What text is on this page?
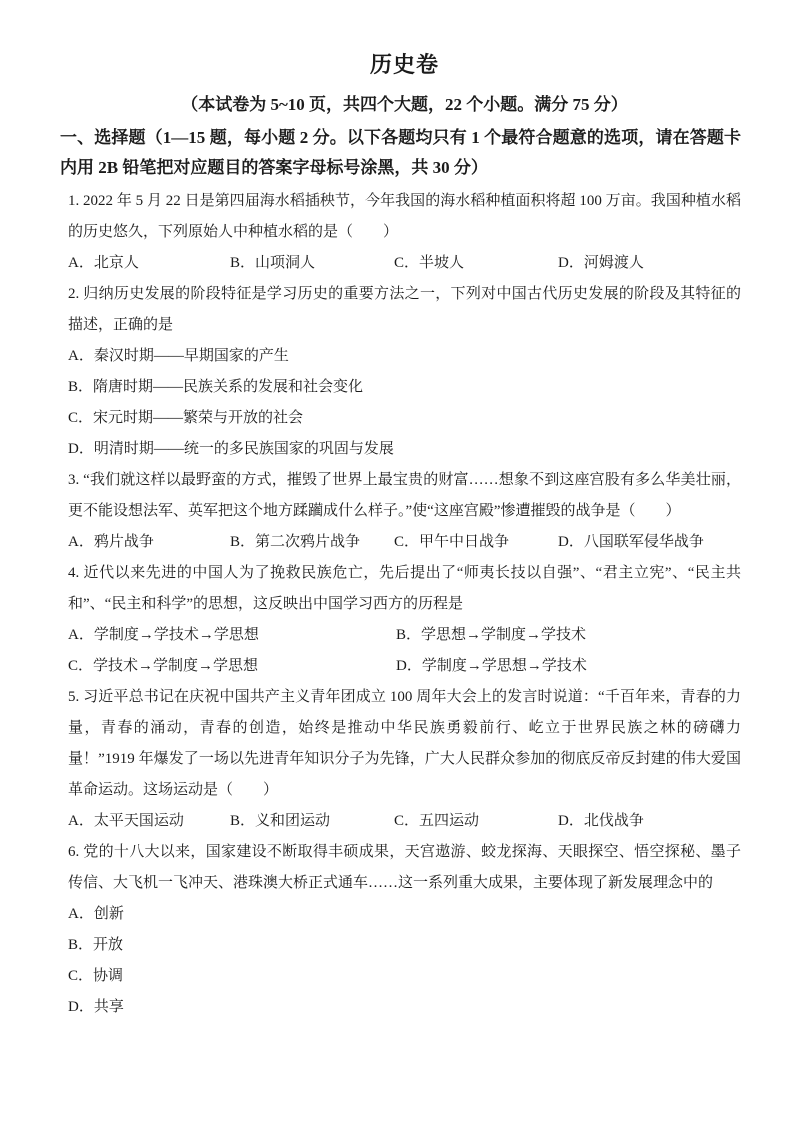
历史卷

（本试卷为 5~10 页，共四个大题，22 个小题。满分 75 分）

一、选择题（1—15 题，每小题 2 分。以下各题均只有 1 个最符合题意的选项，请在答题卡内用 2B 铅笔把对应题目的答案字母标号涂黑，共 30 分）

1. 2022 年 5 月 22 日是第四届海水稻插秧节，今年我国的海水稻种植面积将超 100 万亩。我国种植水稻的历史悠久，下列原始人中种植水稻的是（　　）

A．北京人	B．山项洞人	C．半坡人	D．河姆渡人

2. 归纳历史发展的阶段特征是学习历史的重要方法之一，下列对中国古代历史发展的阶段及其特征的描述，正确的是

A．秦汉时期——早期国家的产生

B．隋唐时期——民族关系的发展和社会变化

C．宋元时期——繁荣与开放的社会

D．明清时期——统一的多民族国家的巩固与发展

3. “我们就这样以最野蛮的方式，摧毁了世界上最宝贵的财富……想象不到这座宫股有多么华美壮丽，更不能设想法军、英军把这个地方蹂躏成什么样子。”使“这座宫殿”惨遭摧毁的战争是（　　）

A．鸦片战争	B．第二次鸦片战争	C．甲午中日战争	D．八国联军侵华战争

4. 近代以来先进的中国人为了挽救民族危亡，先后提出了“师夷长技以自强”、“君主立宪”、“民主共和”、“民主和科学”的思想，这反映出中国学习西方的历程是

A．学制度→学技术→学思想	B．学思想→学制度→学技术

C．学技术→学制度→学思想	D．学制度→学思想→学技术

5. 习近平总书记在庆祝中国共产主义青年团成立 100 周年大会上的发言时说道：“千百年来，青春的力量，青春的涌动，青春的创造，始终是推动中华民族勇毅前行、屹立于世界民族之林的磅礴力量！”1919 年爆发了一场以先进青年知识分子为先锋，广大人民群众参加的彻底反帝反封建的伟大爱国革命运动。这场运动是（　　）

A．太平天国运动	B．义和团运动	C．五四运动	D．北伐战争

6. 党的十八大以来，国家建设不断取得丰硕成果，天宫遨游、蛟龙探海、天眼探空、悟空探秘、墨子传信、大飞机一飞冲天、港珠澳大桥正式通车……这一系列重大成果，主要体现了新发展理念中的

A．创新

B．开放

C．协调

D．共享
